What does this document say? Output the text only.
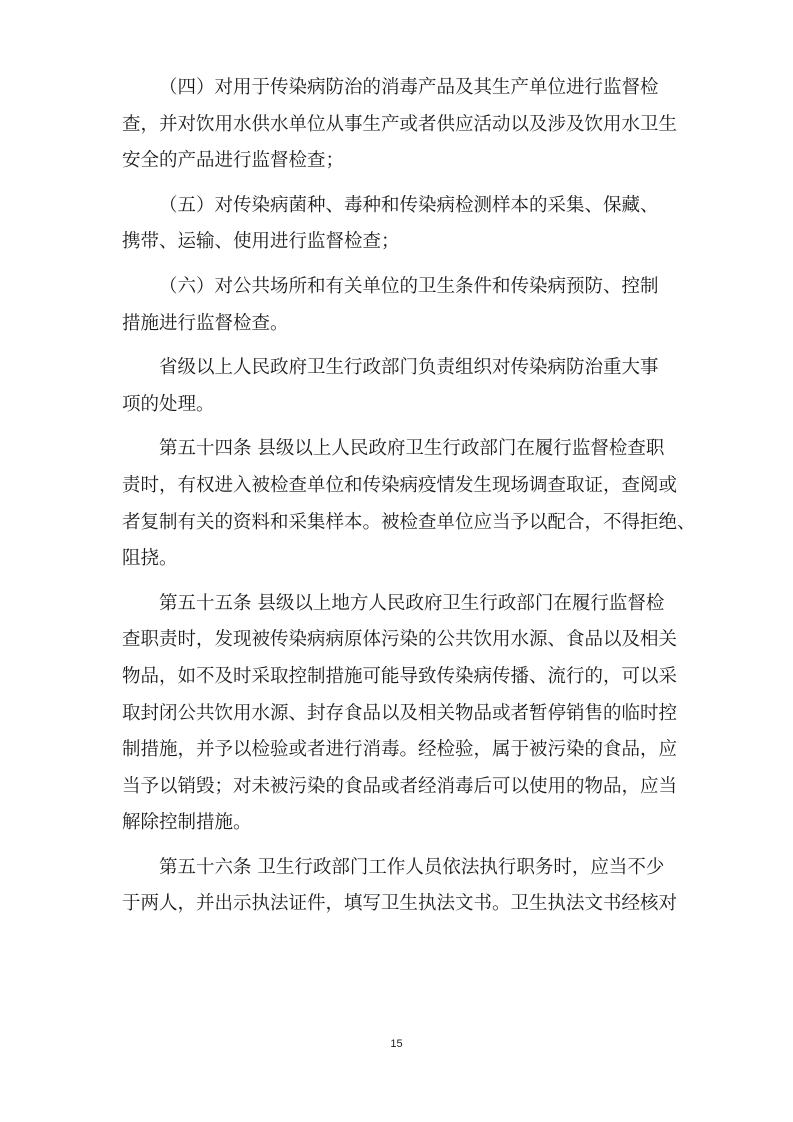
（四）对用于传染病防治的消毒产品及其生产单位进行监督检
查，并对饮用水供水单位从事生产或者供应活动以及涉及饮用水卫生
安全的产品进行监督检查；

（五）对传染病菌种、毒种和传染病检测样本的采集、保藏、
携带、运输、使用进行监督检查；

（六）对公共场所和有关单位的卫生条件和传染病预防、控制
措施进行监督检查。

省级以上人民政府卫生行政部门负责组织对传染病防治重大事
项的处理。

第五十四条 县级以上人民政府卫生行政部门在履行监督检查职
责时，有权进入被检查单位和传染病疫情发生现场调查取证，查阅或
者复制有关的资料和采集样本。被检查单位应当予以配合，不得拒绝、
阻挠。

第五十五条 县级以上地方人民政府卫生行政部门在履行监督检
查职责时，发现被传染病病原体污染的公共饮用水源、食品以及相关
物品，如不及时采取控制措施可能导致传染病传播、流行的，可以采
取封闭公共饮用水源、封存食品以及相关物品或者暂停销售的临时控
制措施，并予以检验或者进行消毒。经检验，属于被污染的食品，应
当予以销毁；对未被污染的食品或者经消毒后可以使用的物品，应当
解除控制措施。

第五十六条 卫生行政部门工作人员依法执行职务时，应当不少
于两人，并出示执法证件，填写卫生执法文书。卫生执法文书经核对

15
